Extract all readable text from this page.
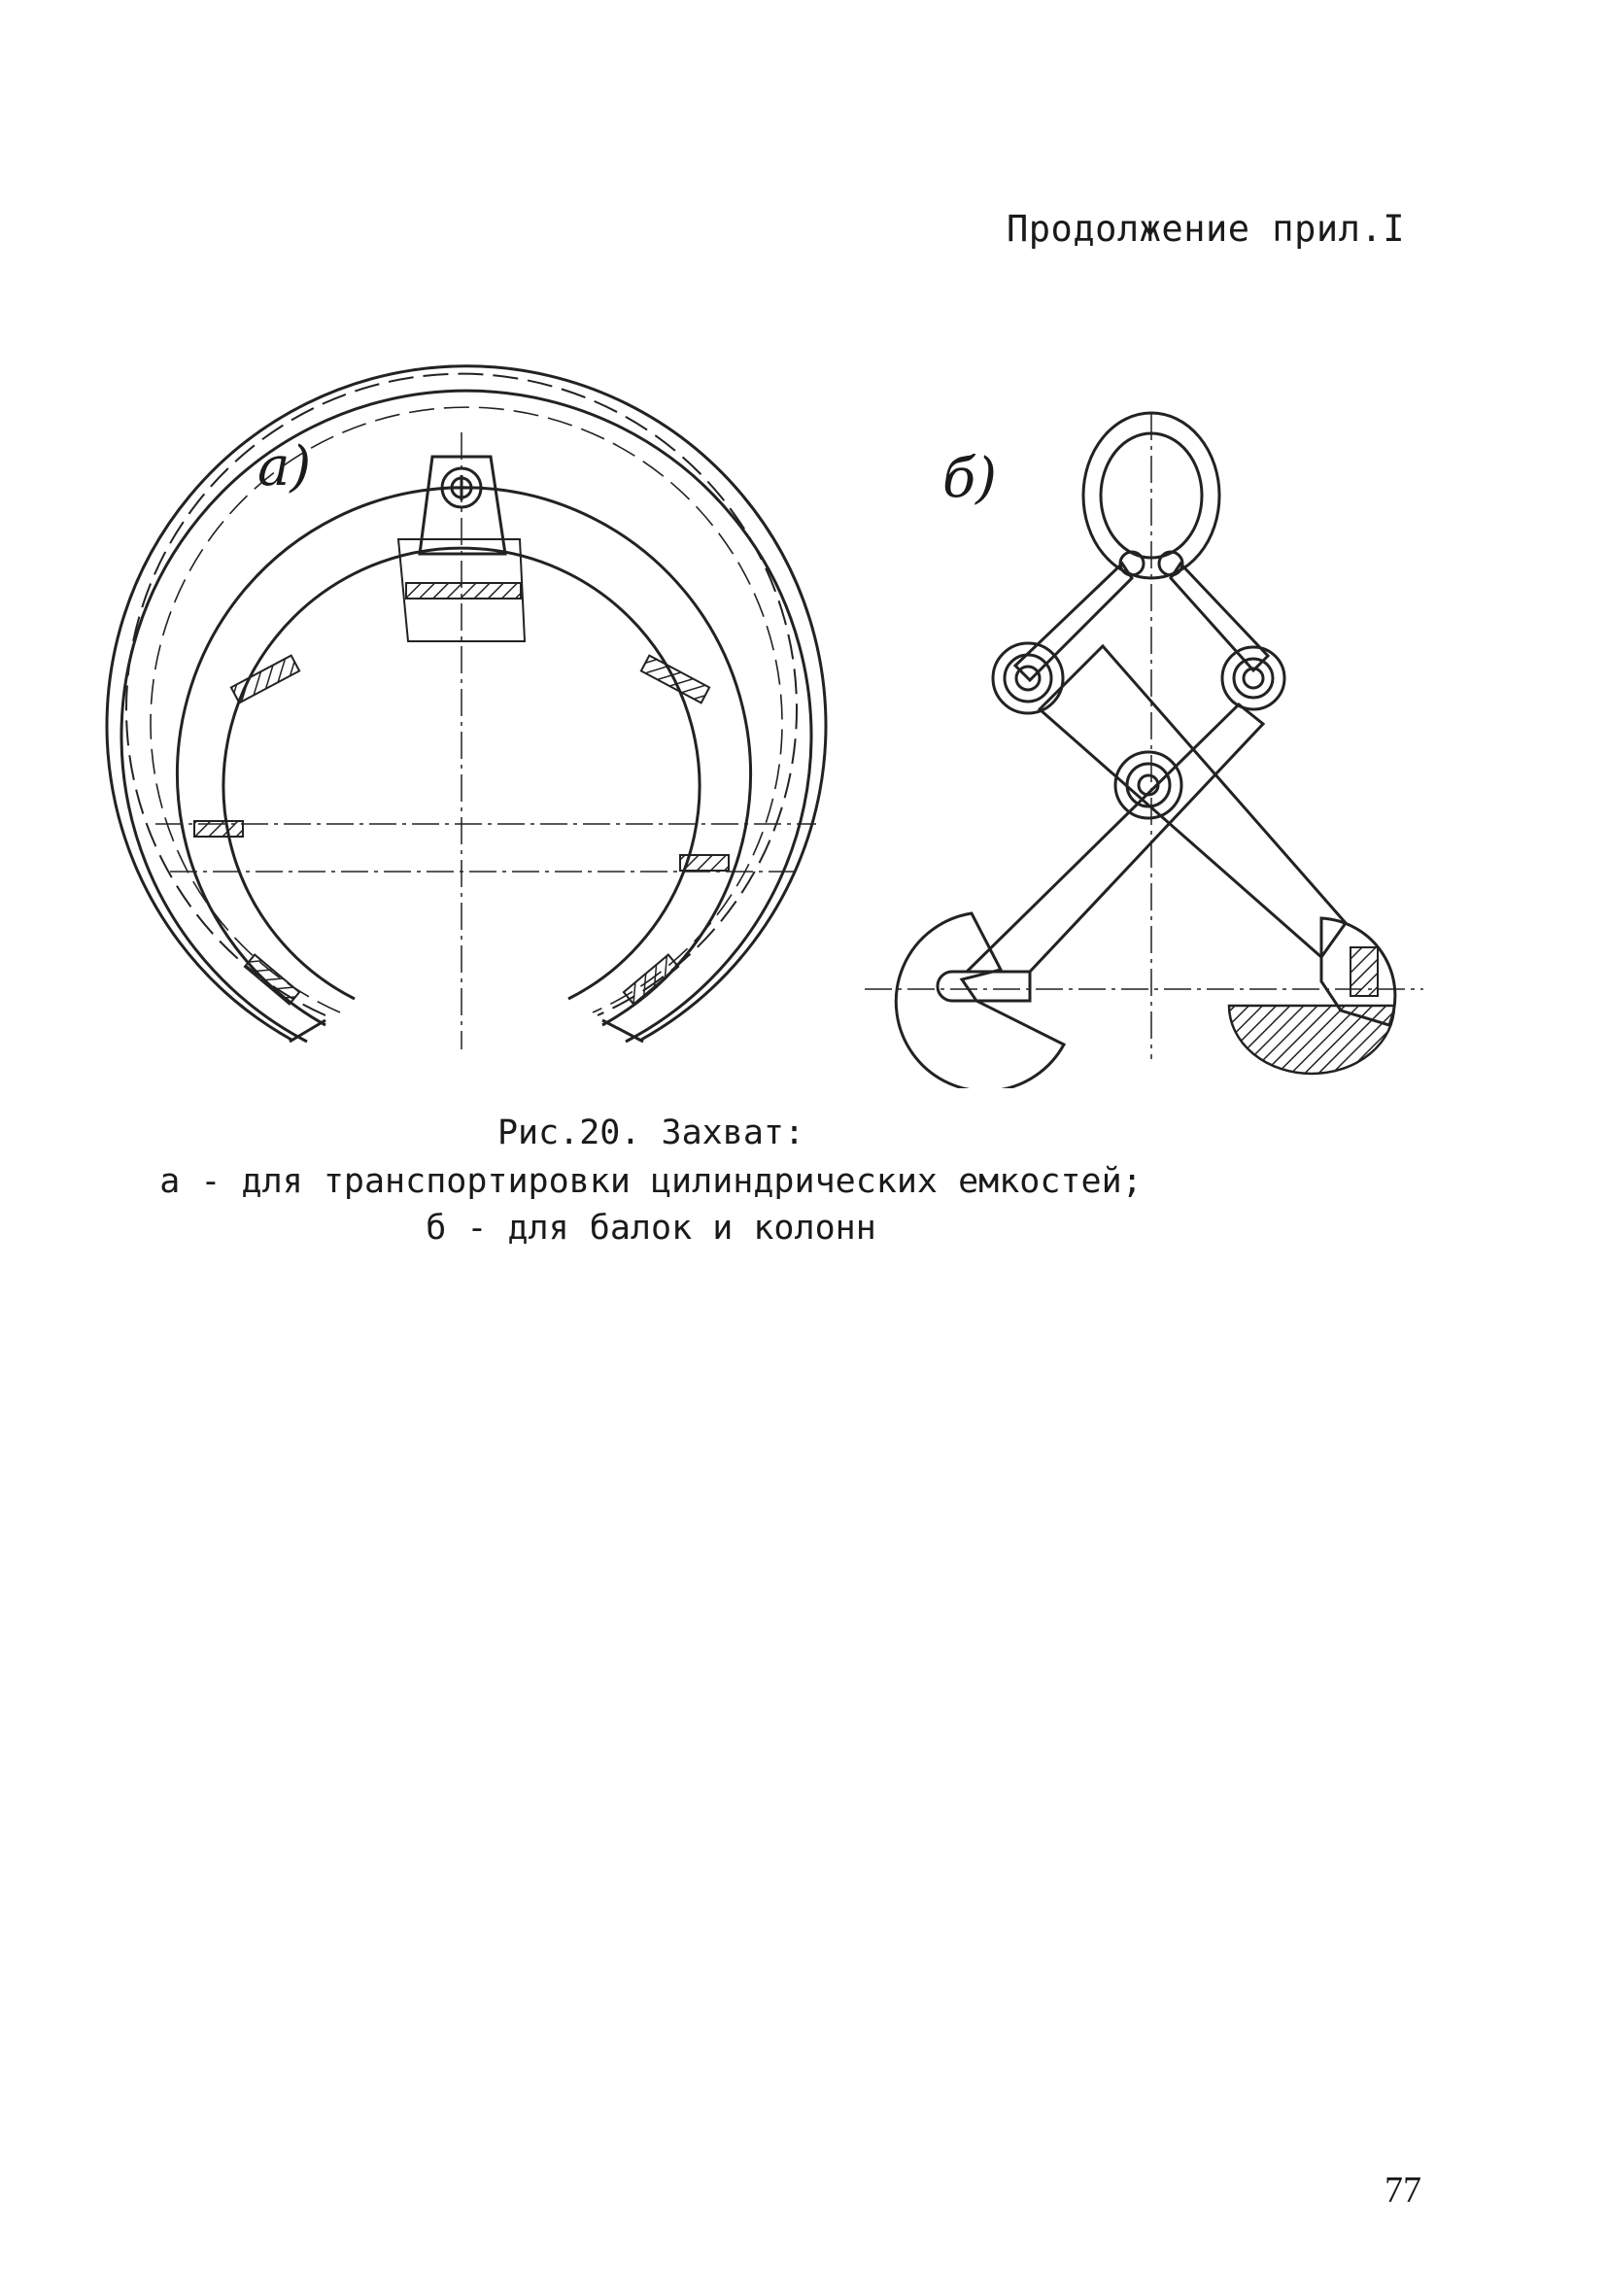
Продолжение прил.I
a)	б)
Рис.20. Захват:
а - для транспортировки цилиндрических емкостей;
б - для балок и колонн
77
